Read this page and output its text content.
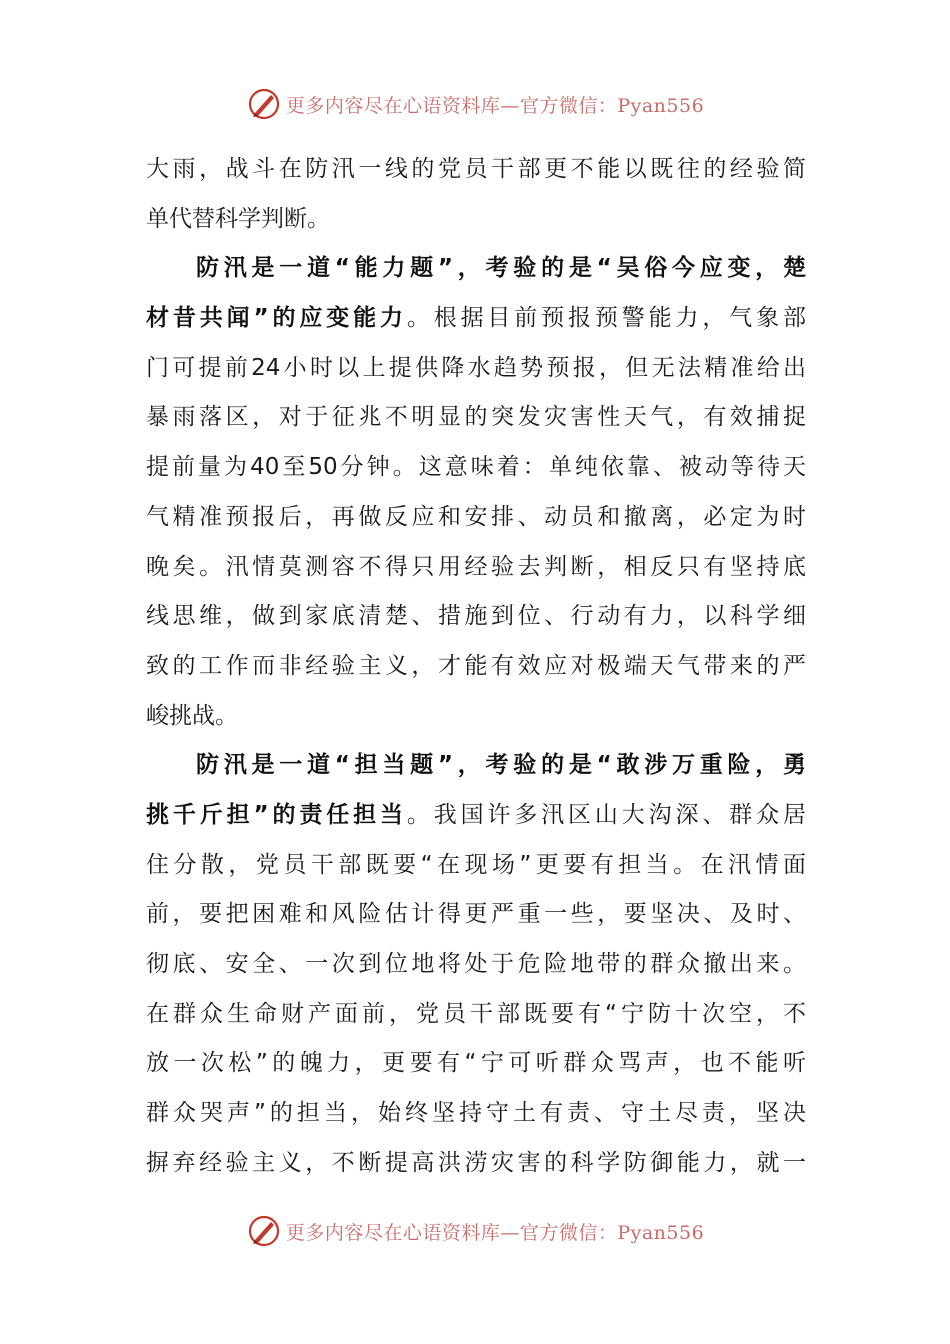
更多内容尽在心语资料库—官方微信：Pyan556
大雨，战斗在防汛一线的党员干部更不能以既往的经验简
单代替科学判断。
防汛是一道“能力题”，考验的是“吴俗今应变，楚
材昔共闻”的应变能力。根据目前预报预警能力，气象部
门可提前24小时以上提供降水趋势预报，但无法精准给出
暴雨落区，对于征兆不明显的突发灾害性天气，有效捕捉
提前量为40至50分钟。这意味着：单纯依靠、被动等待天
气精准预报后，再做反应和安排、动员和撤离，必定为时
晚矣。汛情莫测容不得只用经验去判断，相反只有坚持底
线思维，做到家底清楚、措施到位、行动有力，以科学细
致的工作而非经验主义，才能有效应对极端天气带来的严
峻挑战。
防汛是一道“担当题”，考验的是“敢涉万重险，勇
挑千斤担”的责任担当。我国许多汛区山大沟深、群众居
住分散，党员干部既要“在现场”更要有担当。在汛情面
前，要把困难和风险估计得更严重一些，要坚决、及时、
彻底、安全、一次到位地将处于危险地带的群众撤出来。
在群众生命财产面前，党员干部既要有“宁防十次空，不
放一次松”的魄力，更要有“宁可听群众骂声，也不能听
群众哭声”的担当，始终坚持守土有责、守土尽责，坚决
摒弃经验主义，不断提高洪涝灾害的科学防御能力，就一
更多内容尽在心语资料库—官方微信：Pyan556
